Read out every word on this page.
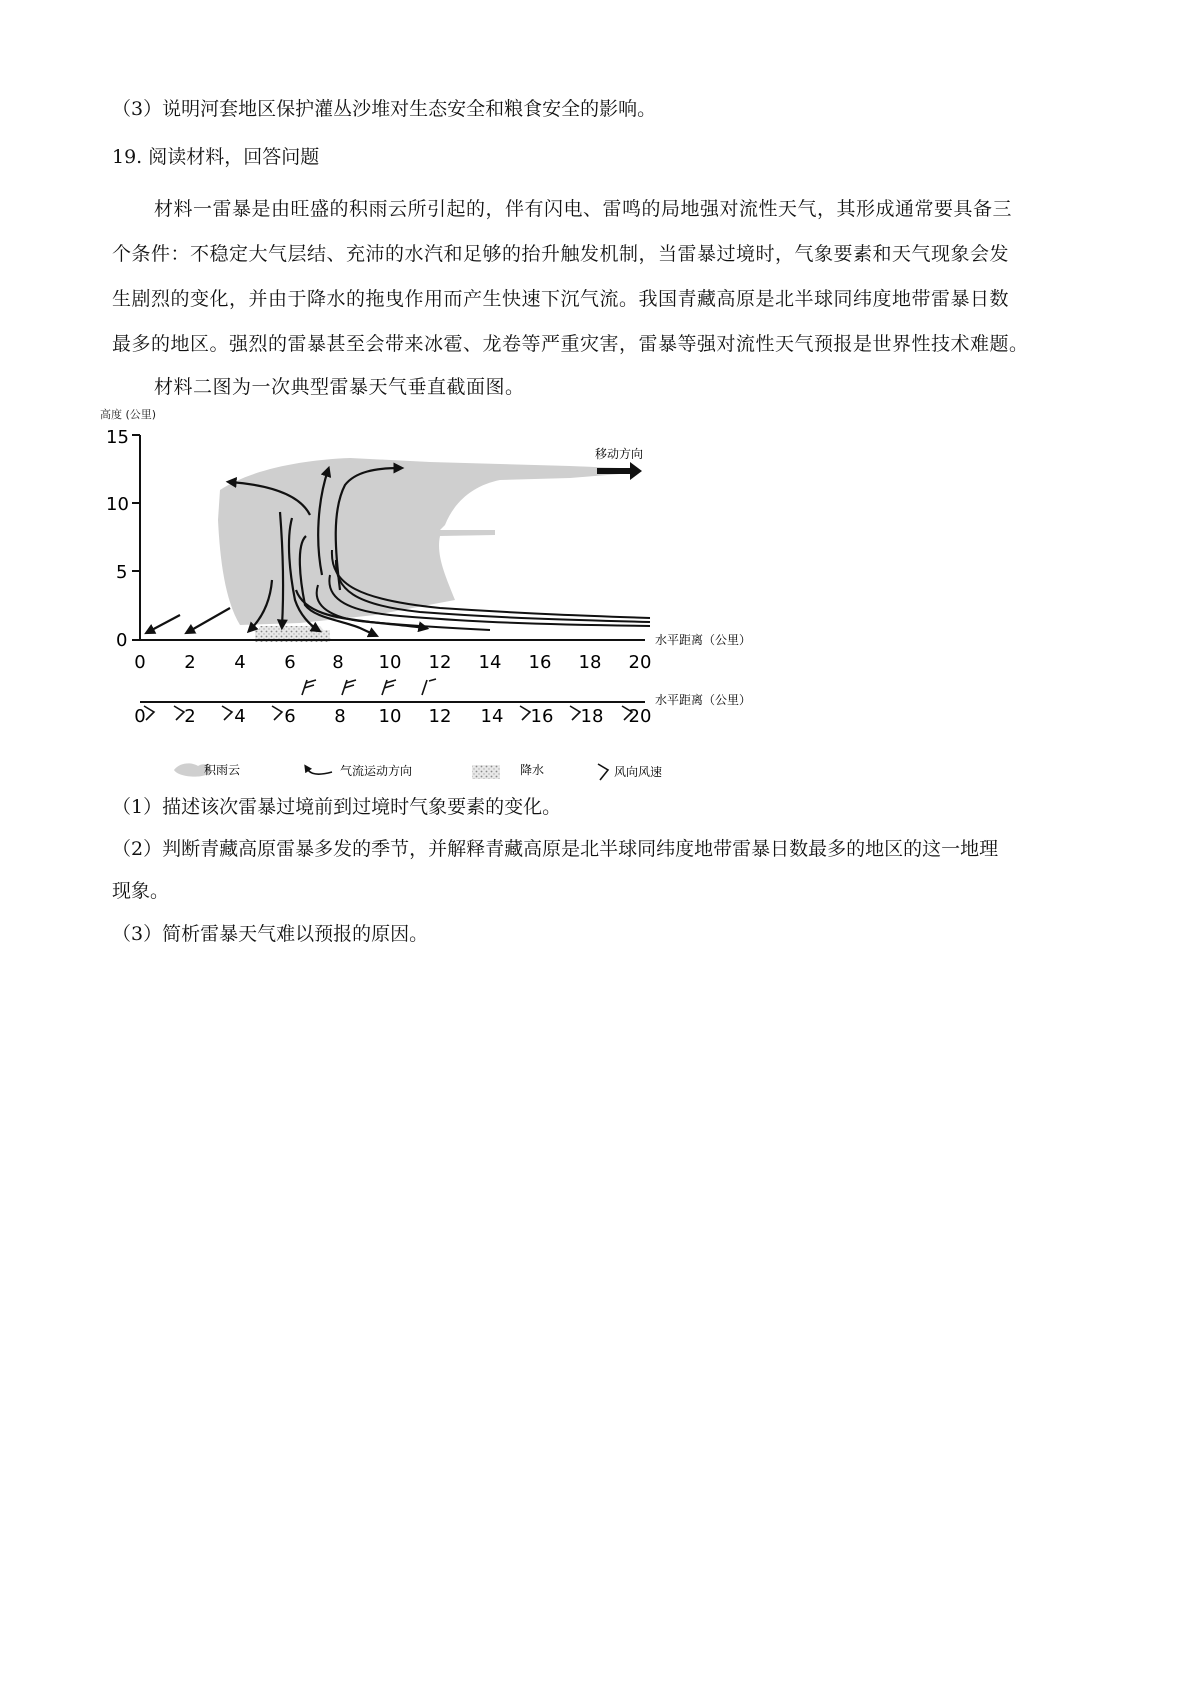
（3）说明河套地区保护灌丛沙堆对生态安全和粮食安全的影响。
19. 阅读材料，回答问题
材料一雷暴是由旺盛的积雨云所引起的，伴有闪电、雷鸣的局地强对流性天气，其形成通常要具备三
个条件：不稳定大气层结、充沛的水汽和足够的抬升触发机制，当雷暴过境时，气象要素和天气现象会发
生剧烈的变化，并由于降水的拖曳作用而产生快速下沉气流。我国青藏高原是北半球同纬度地带雷暴日数
最多的地区。强烈的雷暴甚至会带来冰雹、龙卷等严重灾害，雷暴等强对流性天气预报是世界性技术难题。
材料二图为一次典型雷暴天气垂直截面图。
高度 (公里)
15
10
5
0
0 2 4 6 8 10 12 14 16 18 20
水平距离（公里）
移动方向
0 2 4 6 8 10 12 14 16 18 20
水平距离（公里）
积雨云	气流运动方向	降水	风向风速
（1）描述该次雷暴过境前到过境时气象要素的变化。
（2）判断青藏高原雷暴多发的季节，并解释青藏高原是北半球同纬度地带雷暴日数最多的地区的这一地理
现象。
（3）简析雷暴天气难以预报的原因。
